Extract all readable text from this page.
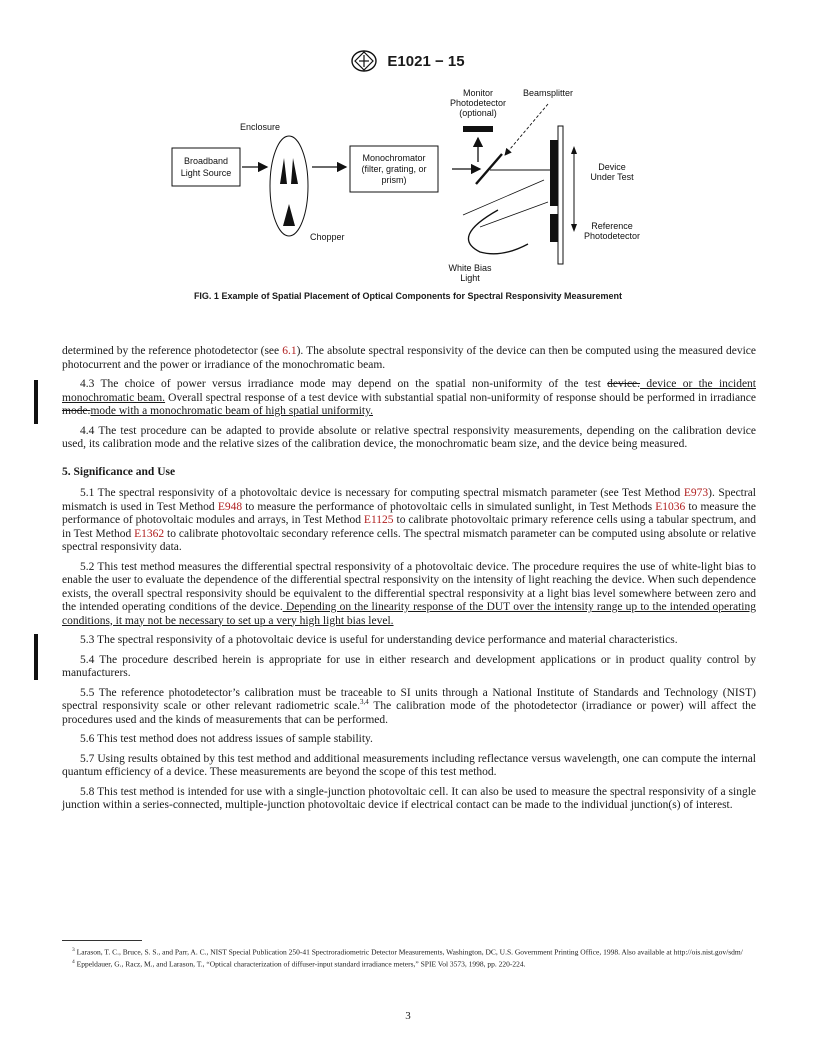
E1021 − 15
Enclosure
Broadband
Light Source
Chopper
Monochromator
(filter, grating, or
prism)
Monitor
Photodetector
(optional)
Beamsplitter
White Bias
Light
Device
Under Test
Reference
Photodetector
FIG. 1 Example of Spatial Placement of Optical Components for Spectral Responsivity Measurement

determined by the reference photodetector (see 6.1). The absolute spectral responsivity of the device can then be computed using the measured device photocurrent and the power or irradiance of the monochromatic beam.

4.3 The choice of power versus irradiance mode may depend on the spatial non-uniformity of the test device. device or the incident monochromatic beam. Overall spectral response of a test device with substantial spatial non-uniformity of response should be performed in irradiance mode.mode with a monochromatic beam of high spatial uniformity.

4.4 The test procedure can be adapted to provide absolute or relative spectral responsivity measurements, depending on the calibration device used, its calibration mode and the relative sizes of the calibration device, the monochromatic beam size, and the device being measured.

5. Significance and Use

5.1 The spectral responsivity of a photovoltaic device is necessary for computing spectral mismatch parameter (see Test Method E973). Spectral mismatch is used in Test Method E948 to measure the performance of photovoltaic cells in simulated sunlight, in Test Methods E1036 to measure the performance of photovoltaic modules and arrays, in Test Method E1125 to calibrate photovoltaic primary reference cells using a tabular spectrum, and in Test Method E1362 to calibrate photovoltaic secondary reference cells. The spectral mismatch parameter can be computed using absolute or relative spectral responsivity data.

5.2 This test method measures the differential spectral responsivity of a photovoltaic device. The procedure requires the use of white-light bias to enable the user to evaluate the dependence of the differential spectral responsivity on the intensity of light reaching the device. When such dependence exists, the overall spectral responsivity should be equivalent to the differential spectral responsivity at a light bias level somewhere between zero and the intended operating conditions of the device. Depending on the linearity response of the DUT over the intensity range up to the intended operating conditions, it may not be necessary to set up a very high light bias level.

5.3 The spectral responsivity of a photovoltaic device is useful for understanding device performance and material characteristics.

5.4 The procedure described herein is appropriate for use in either research and development applications or in product quality control by manufacturers.

5.5 The reference photodetector’s calibration must be traceable to SI units through a National Institute of Standards and Technology (NIST) spectral responsivity scale or other relevant radiometric scale.$^{3,4}$ The calibration mode of the photodetector (irradiance or power) will affect the procedures used and the kinds of measurements that can be performed.

5.6 This test method does not address issues of sample stability.

5.7 Using results obtained by this test method and additional measurements including reflectance versus wavelength, one can compute the internal quantum efficiency of a device. These measurements are beyond the scope of this test method.

5.8 This test method is intended for use with a single-junction photovoltaic cell. It can also be used to measure the spectral responsivity of a single junction within a series-connected, multiple-junction photovoltaic device if electrical contact can be made to the individual junction(s) of interest.

$^3$ Larason, T. C., Bruce, S. S., and Parr, A. C., NIST Special Publication 250-41 Spectroradiometric Detector Measurements, Washington, DC, U.S. Government Printing Office, 1998. Also available at http://ois.nist.gov/sdm/

$^4$ Eppeldauer, G., Racz, M., and Larason, T., “Optical characterization of diffuser-input standard irradiance meters,” SPIE Vol 3573, 1998, pp. 220-224.

3
